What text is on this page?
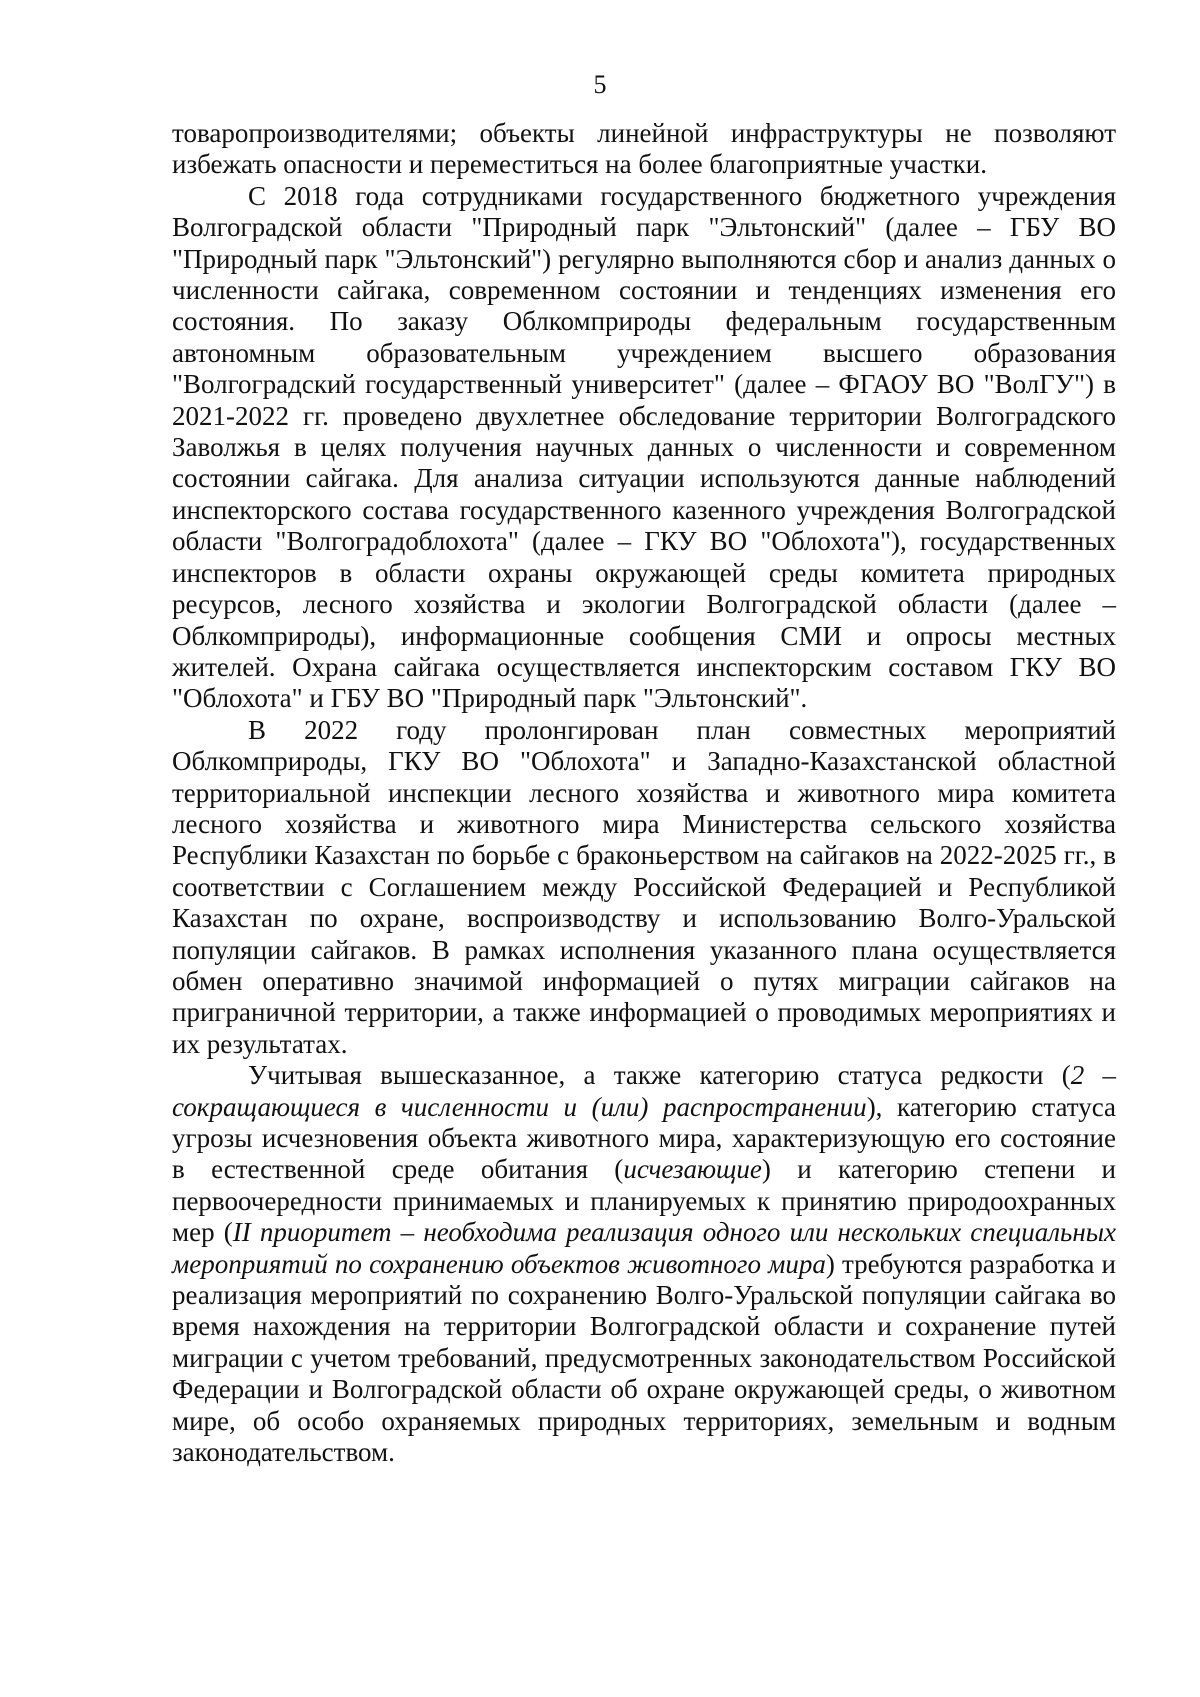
5

товаропроизводителями; объекты линейной инфраструктуры не позволяют избежать опасности и переместиться на более благоприятные участки.

С 2018 года сотрудниками государственного бюджетного учреждения Волгоградской области "Природный парк "Эльтонский" (далее – ГБУ ВО "Природный парк "Эльтонский") регулярно выполняются сбор и анализ данных о численности сайгака, современном состоянии и тенденциях изменения его состояния. По заказу Облкомприроды федеральным государственным автономным образовательным учреждением высшего образования "Волгоградский государственный университет" (далее – ФГАОУ ВО "ВолГУ") в 2021-2022 гг. проведено двухлетнее обследование территории Волгоградского Заволжья в целях получения научных данных о численности и современном состоянии сайгака. Для анализа ситуации используются данные наблюдений инспекторского состава государственного казенного учреждения Волгоградской области "Волгоградоблохота" (далее – ГКУ ВО "Облохота"), государственных инспекторов в области охраны окружающей среды комитета природных ресурсов, лесного хозяйства и экологии Волгоградской области (далее – Облкомприроды), информационные сообщения СМИ и опросы местных жителей. Охрана сайгака осуществляется инспекторским составом ГКУ ВО "Облохота" и ГБУ ВО "Природный парк "Эльтонский".

В 2022 году пролонгирован план совместных мероприятий Облкомприроды, ГКУ ВО "Облохота" и Западно-Казахстанской областной территориальной инспекции лесного хозяйства и животного мира комитета лесного хозяйства и животного мира Министерства сельского хозяйства Республики Казахстан по борьбе с браконьерством на сайгаков на 2022-2025 гг., в соответствии с Соглашением между Российской Федерацией и Республикой Казахстан по охране, воспроизводству и использованию Волго-Уральской популяции сайгаков. В рамках исполнения указанного плана осуществляется обмен оперативно значимой информацией о путях миграции сайгаков на приграничной территории, а также информацией о проводимых мероприятиях и их результатах.

Учитывая вышесказанное, а также категорию статуса редкости (2 – сокращающиеся в численности и (или) распространении), категорию статуса угрозы исчезновения объекта животного мира, характеризующую его состояние в естественной среде обитания (исчезающие) и категорию степени и первоочередности принимаемых и планируемых к принятию природоохранных мер (II приоритет – необходима реализация одного или нескольких специальных мероприятий по сохранению объектов животного мира) требуются разработка и реализация мероприятий по сохранению Волго-Уральской популяции сайгака во время нахождения на территории Волгоградской области и сохранение путей миграции с учетом требований, предусмотренных законодательством Российской Федерации и Волгоградской области об охране окружающей среды, о животном мире, об особо охраняемых природных территориях, земельным и водным законодательством.
